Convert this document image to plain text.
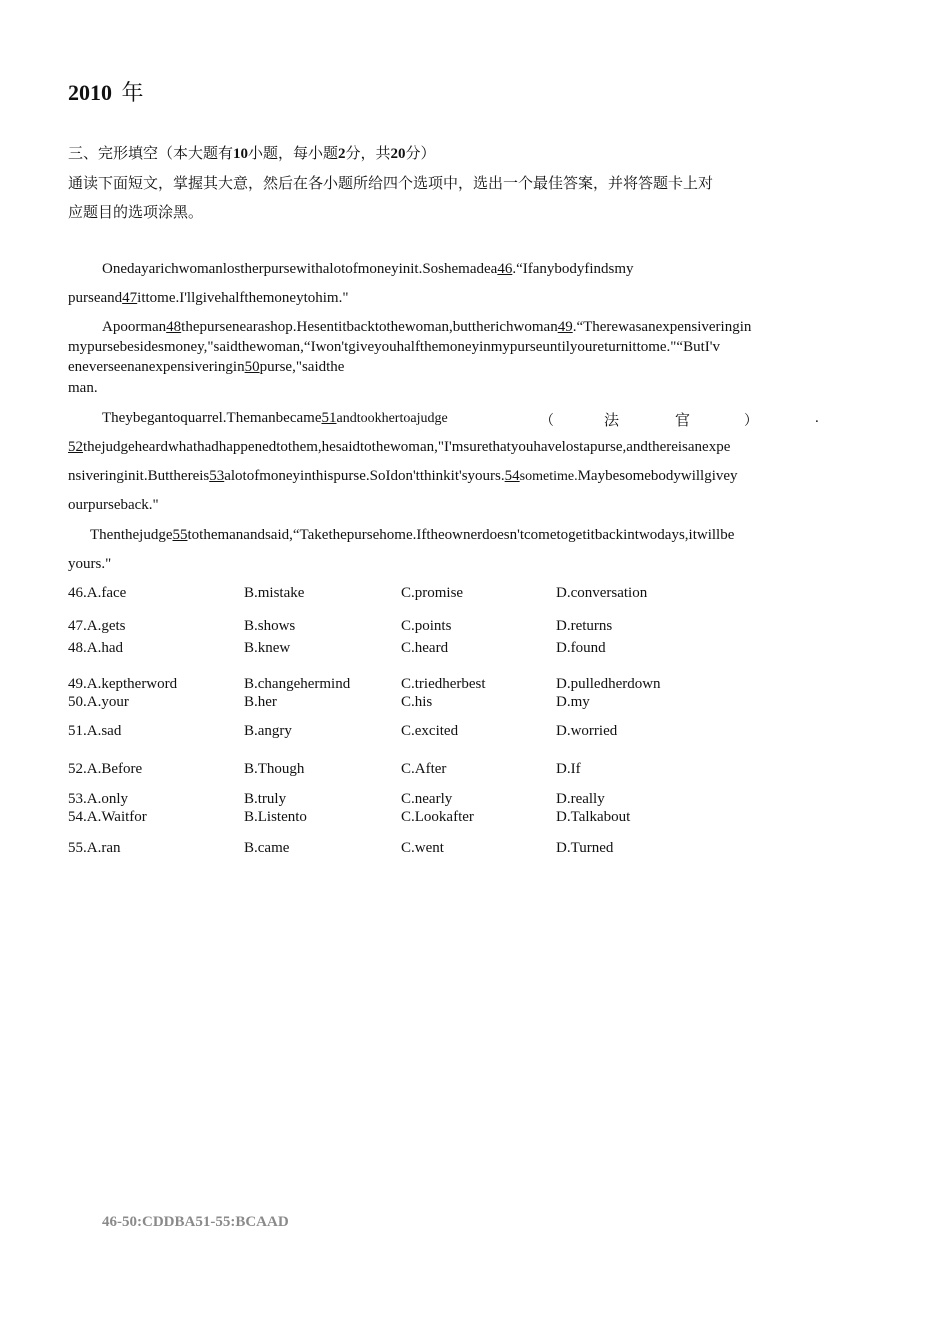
2010 年
三、完形填空（本大题有10小题，每小题2分，共20分）
通读下面短文，掌握其大意，然后在各小题所给四个选项中，选出一个最佳答案，并将答题卡上对
应题目的选项涂黑。
Onedayarichwomanlostherpursewithalotofmoneyinit.Soshemadea46.“Ifanybodyfindsmy
purseand47ittome.I'llgivehalfthemoneytohim."
Apoorman48thepursenearashop.Hesentitbacktothewoman,buttherichwoman49.“Therewasanexpensiveringin
mypursebesidesmoney,"saidthewoman,“Iwon'tgiveyouhalfthemoneyinmypurseuntilyoureturnittome."“ButI'v
eneverseenanexpensiveringin50purse,"saidthe
man.
Theybegantoquarrel.Themanbecame51andtookhertoajudge	（	法	官	）	.
52thejudgeheardwhathadhappenedtothem,hesaidtothewoman,"I'msurethatyouhavelostapurse,andthereisanexpe
nsiveringinit.Butthereis53alotofmoneyinthispurse.SoIdon'tthinkit'syours.54sometime.Maybesomebodywillgivey
ourpurseback."
Thenthejudge55tothemanandsaid,“Takethepursehome.Iftheownerdoesn'tcometogetitbackintwodays,itwillbe
yours."
46.A.face	B.mistake	C.promise	D.conversation
47.A.gets	B.shows	C.points	D.returns
48.A.had	B.knew	C.heard	D.found
49.A.keptherword	B.changehermind	C.triedherbest	D.pulledherdown
50.A.your	B.her	C.his	D.my
51.A.sad	B.angry	C.excited	D.worried
52.A.Before	B.Though	C.After	D.If
53.A.only	B.truly	C.nearly	D.really
54.A.Waitfor	B.Listento	C.Lookafter	D.Talkabout
55.A.ran	B.came	C.went	D.Turned
46-50:CDDBA51-55:BCAAD
